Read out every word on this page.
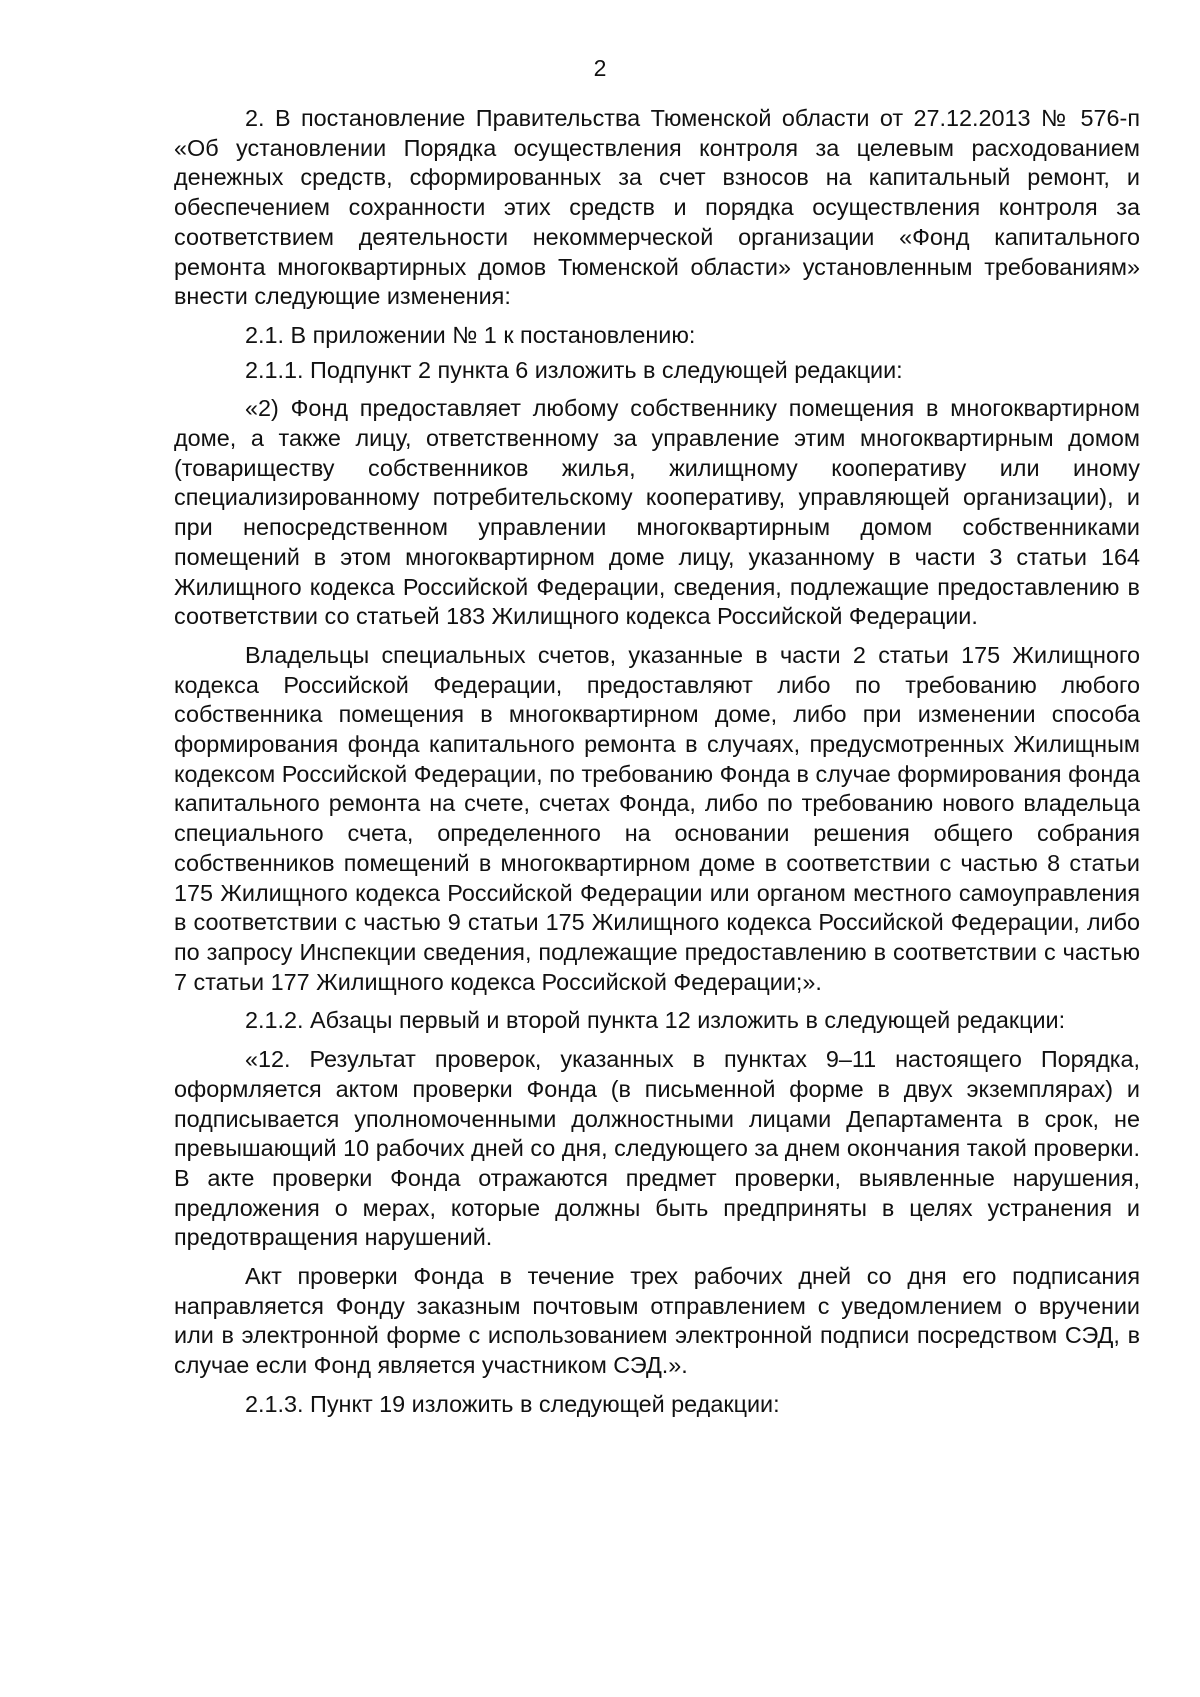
2

2. В постановление Правительства Тюменской области от 27.12.2013 № 576-п «Об установлении Порядка осуществления контроля за целевым расходованием денежных средств, сформированных за счет взносов на капитальный ремонт, и обеспечением сохранности этих средств и порядка осуществления контроля за соответствием деятельности некоммерческой организации «Фонд капитального ремонта многоквартирных домов Тюменской области» установленным требованиям» внести следующие изменения:

2.1. В приложении № 1 к постановлению:

2.1.1. Подпункт 2 пункта 6 изложить в следующей редакции:

«2) Фонд предоставляет любому собственнику помещения в многоквартирном доме, а также лицу, ответственному за управление этим многоквартирным домом (товариществу собственников жилья, жилищному кооперативу или иному специализированному потребительскому кооперативу, управляющей организации), и при непосредственном управлении многоквартирным домом собственниками помещений в этом многоквартирном доме лицу, указанному в части 3 статьи 164 Жилищного кодекса Российской Федерации, сведения, подлежащие предоставлению в соответствии со статьей 183 Жилищного кодекса Российской Федерации.

Владельцы специальных счетов, указанные в части 2 статьи 175 Жилищного кодекса Российской Федерации, предоставляют либо по требованию любого собственника помещения в многоквартирном доме, либо при изменении способа формирования фонда капитального ремонта в случаях, предусмотренных Жилищным кодексом Российской Федерации, по требованию Фонда в случае формирования фонда капитального ремонта на счете, счетах Фонда, либо по требованию нового владельца специального счета, определенного на основании решения общего собрания собственников помещений в многоквартирном доме в соответствии с частью 8 статьи 175 Жилищного кодекса Российской Федерации или органом местного самоуправления в соответствии с частью 9 статьи 175 Жилищного кодекса Российской Федерации, либо по запросу Инспекции сведения, подлежащие предоставлению в соответствии с частью 7 статьи 177 Жилищного кодекса Российской Федерации;».

2.1.2. Абзацы первый и второй пункта 12 изложить в следующей редакции:

«12. Результат проверок, указанных в пунктах 9–11 настоящего Порядка, оформляется актом проверки Фонда (в письменной форме в двух экземплярах) и подписывается уполномоченными должностными лицами Департамента в срок, не превышающий 10 рабочих дней со дня, следующего за днем окончания такой проверки. В акте проверки Фонда отражаются предмет проверки, выявленные нарушения, предложения о мерах, которые должны быть предприняты в целях устранения и предотвращения нарушений.

Акт проверки Фонда в течение трех рабочих дней со дня его подписания направляется Фонду заказным почтовым отправлением с уведомлением о вручении или в электронной форме с использованием электронной подписи посредством СЭД, в случае если Фонд является участником СЭД.».

2.1.3. Пункт 19 изложить в следующей редакции:
